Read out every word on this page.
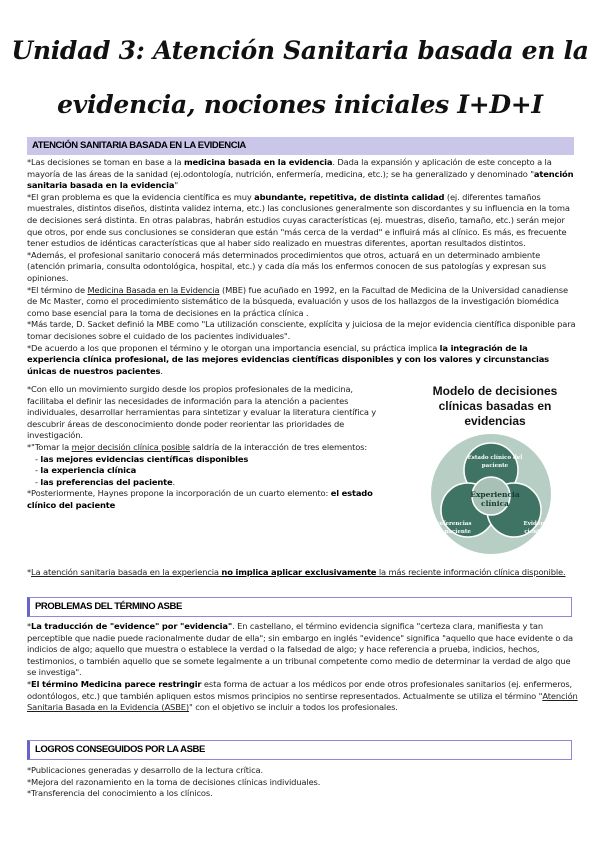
Unidad 3: Atención Sanitaria basada en la
evidencia, nociones iniciales I+D+I
ATENCIÓN SANITARIA BASADA EN LA EVIDENCIA

* Las decisiones se toman en base a la medicina basada en la evidencia. Dada la expansión y aplicación de este concepto a la mayoría de las áreas de la sanidad (ej.odontología, nutrición, enfermería, medicina, etc.); se ha generalizado y denominado "atención sanitaria basada en la evidencia"

* El gran problema es que la evidencia científica es muy abundante, repetitiva, de distinta calidad (ej. diferentes tamaños muestrales, distintos diseños, distinta validez interna, etc.) las conclusiones generalmente son discordantes y su influencia en la toma de decisiones será distinta. En otras palabras, habrán estudios cuyas características (ej. muestras, diseño, tamaño, etc.) serán mejor que otros, por ende sus conclusiones se consideran que están "más cerca de la verdad" e influirá más al clínico. Es más, es frecuente tener estudios de idénticas características que al haber sido realizado en muestras diferentes, aportan resultados distintos.

* Además, el profesional sanitario conocerá más determinados procedimientos que otros, actuará en un determinado ambiente (atención primaria, consulta odontológica, hospital, etc.) y cada día más los enfermos conocen de sus patologías y expresan sus opiniones.

* El término de Medicina Basada en la Evidencia (MBE) fue acuñado en 1992, en la Facultad de Medicina de la Universidad canadiense de Mc Master, como el procedimiento sistemático de la búsqueda, evaluación y usos de los hallazgos de la investigación biomédica como base esencial para la toma de decisiones en la práctica clínica .

* Más tarde, D. Sacket definió la MBE como "La utilización consciente, explícita y juiciosa de la mejor evidencia científica disponible para tomar decisiones sobre el cuidado de los pacientes individuales".

* De acuerdo a los que proponen el término y le otorgan una importancia esencial, su práctica implica la integración de la experiencia clínica profesional, de las mejores evidencias científicas disponibles y con los valores y circunstancias únicas de nuestros pacientes.

* Con ello un movimiento surgido desde los propios profesionales de la medicina, facilitaba el definir las necesidades de información para la atención a pacientes individuales, desarrollar herramientas para sintetizar y evaluar la literatura científica y descubrir áreas de desconocimiento donde poder reorientar las prioridades de investigación.

* "Tomar la mejor decisión clínica posible saldría de la interacción de tres elementos:

- las mejores evidencias científicas disponibles

- la experiencia clínica

- las preferencias del paciente.

* Posteriormente, Haynes propone la incorporación de un cuarto elemento: el estado clínico del paciente

* La atención sanitaria basada en la experiencia no implica aplicar exclusivamente la más reciente información clínica disponible.

Modelo de decisiones clínicas basadas en evidencias
Estado clínico del paciente
Experiencia clínica
Preferencias del paciente
Evidencias científicas
PROBLEMAS DEL TÉRMINO ASBE

* La traducción de "evidence" por "evidencia". En castellano, el término evidencia significa "certeza clara, manifiesta y tan perceptible que nadie puede racionalmente dudar de ella"; sin embargo en inglés "evidence" significa "aquello que hace evidente o da indicios de algo; aquello que muestra o establece la verdad o la falsedad de algo; y hace referencia a prueba, indicios, hechos, testimonios, o también aquello que se somete legalmente a un tribunal competente como medio de determinar la verdad de algo que se investiga".

* El término Medicina parece restringir esta forma de actuar a los médicos por ende otros profesionales sanitarios (ej. enfermeros, odontólogos, etc.) que también apliquen estos mismos principios no sentirse representados. Actualmente se utiliza el término "Atención Sanitaria Basada en la Evidencia (ASBE)" con el objetivo se incluir a todos los profesionales.

LOGROS CONSEGUIDOS POR LA ASBE

* Publicaciones generadas y desarrollo de la lectura crítica.

* Mejora del razonamiento en la toma de decisiones clínicas individuales.

* Transferencia del conocimiento a los clínicos.
